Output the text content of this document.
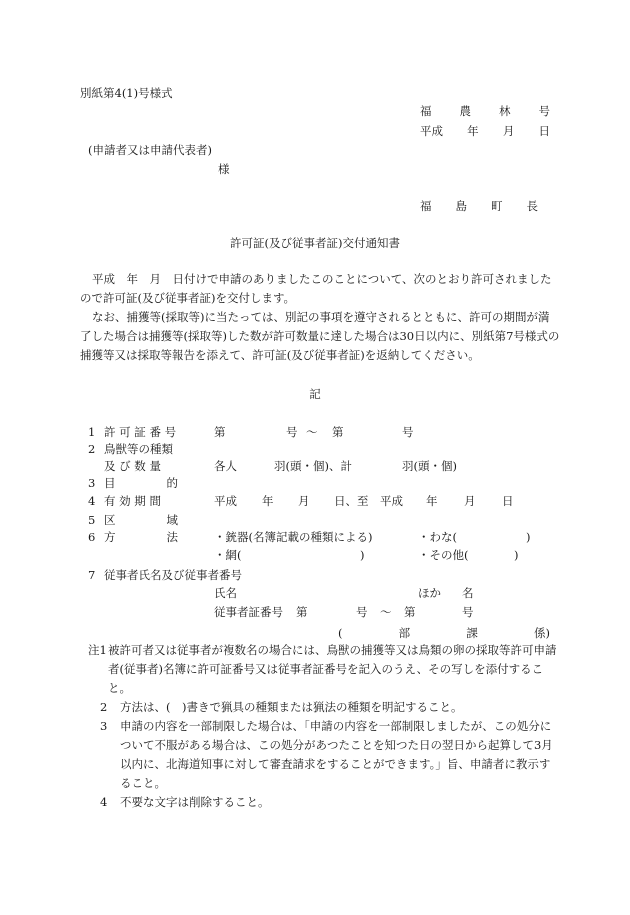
別紙第4(1)号様式
福 農 林 号
平成 年 月 日
(申請者又は申請代表者)
様
福 島 町 長
許可証(及び従事者証)交付通知書

平成　年　月　日付けで申請のありましたこのことについて、次のとおり許可されましたので許可証(及び従事者証)を交付します。

なお、捕獲等(採取等)に当たっては、別記の事項を遵守されるとともに、許可の期間が満了した場合は捕獲等(採取等)した数が許可数量に達した場合は30日以内に、別紙第7号様式の捕獲等又は採取等報告を添えて、許可証(及び従事者証)を返納してください。

記
1 許 可 証 番 号	第	号 ～ 第	号
2 鳥獣等の種類
及 び 数 量	各人	羽(頭・個)、計	羽(頭・個)
3 目	的
4 有 効 期 間	平成 年 月 日、至 平成 年 月 日
5 区	域
6 方	法	・銃器(名簿記載の種類による)	・わな(	)
・網(	)	・その他(	)
7 従事者氏名及び従事者番号
氏名	ほか 名
従事者証番号 第	号 ～ 第	号
(	部	課	係)

注1被許可者又は従事者が複数名の場合には、鳥獣の捕獲等又は鳥類の卵の採取等許可申請者(従事者)名簿に許可証番号又は従事者証番号を記入のうえ、その写しを添付すること。

2 方法は、(　)書きで猟具の種類または猟法の種類を明記すること。

3 申請の内容を一部制限した場合は、「申請の内容を一部制限しましたが、この処分について不服がある場合は、この処分があつたことを知つた日の翌日から起算して3月以内に、北海道知事に対して審査請求をすることができます。」旨、申請者に教示すること。

4 不要な文字は削除すること。
